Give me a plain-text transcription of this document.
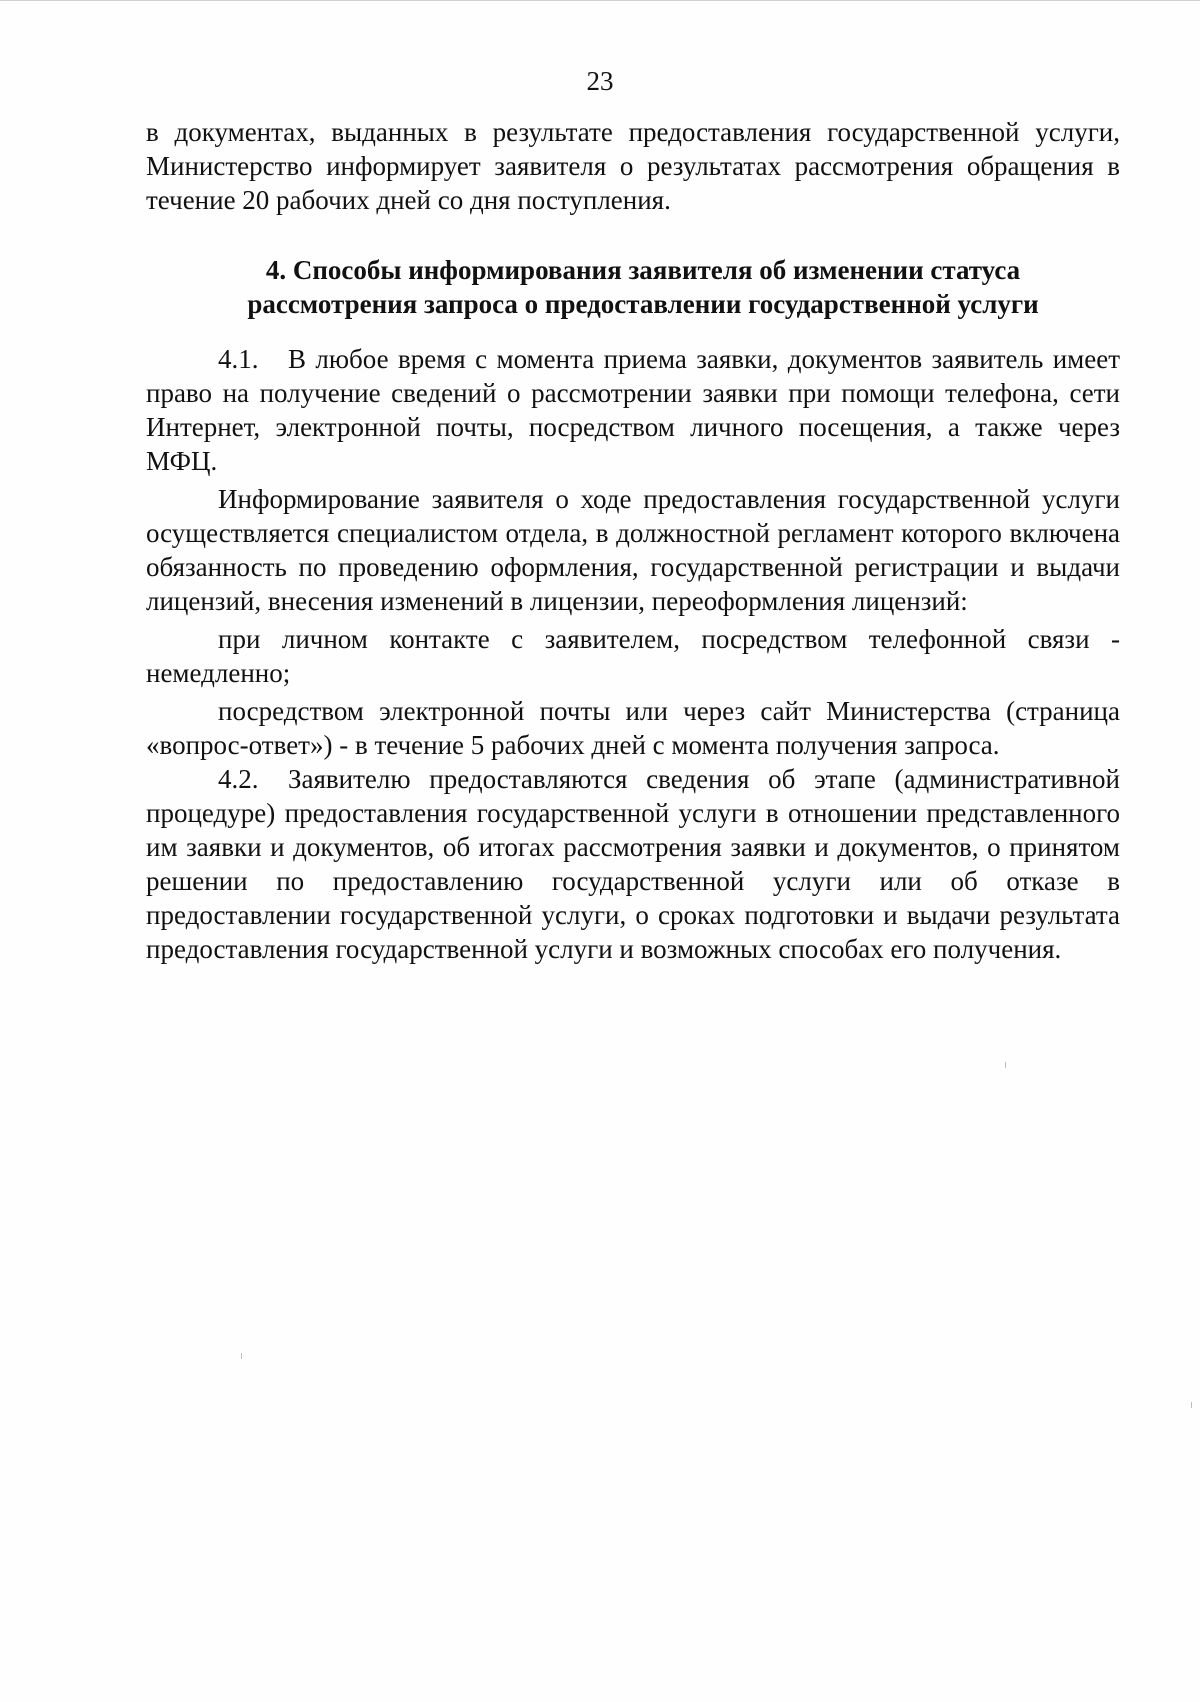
23

в документах, выданных в результате предоставления государственной услуги, Министерство информирует заявителя о результатах рассмотрения обращения в течение 20 рабочих дней со дня поступления.

4. Способы информирования заявителя об изменении статуса
рассмотрения запроса о предоставлении государственной услуги

4.1. В любое время с момента приема заявки, документов заявитель имеет право на получение сведений о рассмотрении заявки при помощи телефона, сети Интернет, электронной почты, посредством личного посещения, а также через МФЦ.

Информирование заявителя о ходе предоставления государственной услуги осуществляется специалистом отдела, в должностной регламент которого включена обязанность по проведению оформления, государственной регистрации и выдачи лицензий, внесения изменений в лицензии, переоформления лицензий:

при личном контакте с заявителем, посредством телефонной связи - немедленно;

посредством электронной почты или через сайт Министерства (страница «вопрос-ответ») - в течение 5 рабочих дней с момента получения запроса.

4.2. Заявителю предоставляются сведения об этапе (административной процедуре) предоставления государственной услуги в отношении представленного им заявки и документов, об итогах рассмотрения заявки и документов, о принятом решении по предоставлению государственной услуги или об отказе в предоставлении государственной услуги, о сроках подготовки и выдачи результата предоставления государственной услуги и возможных способах его получения.
